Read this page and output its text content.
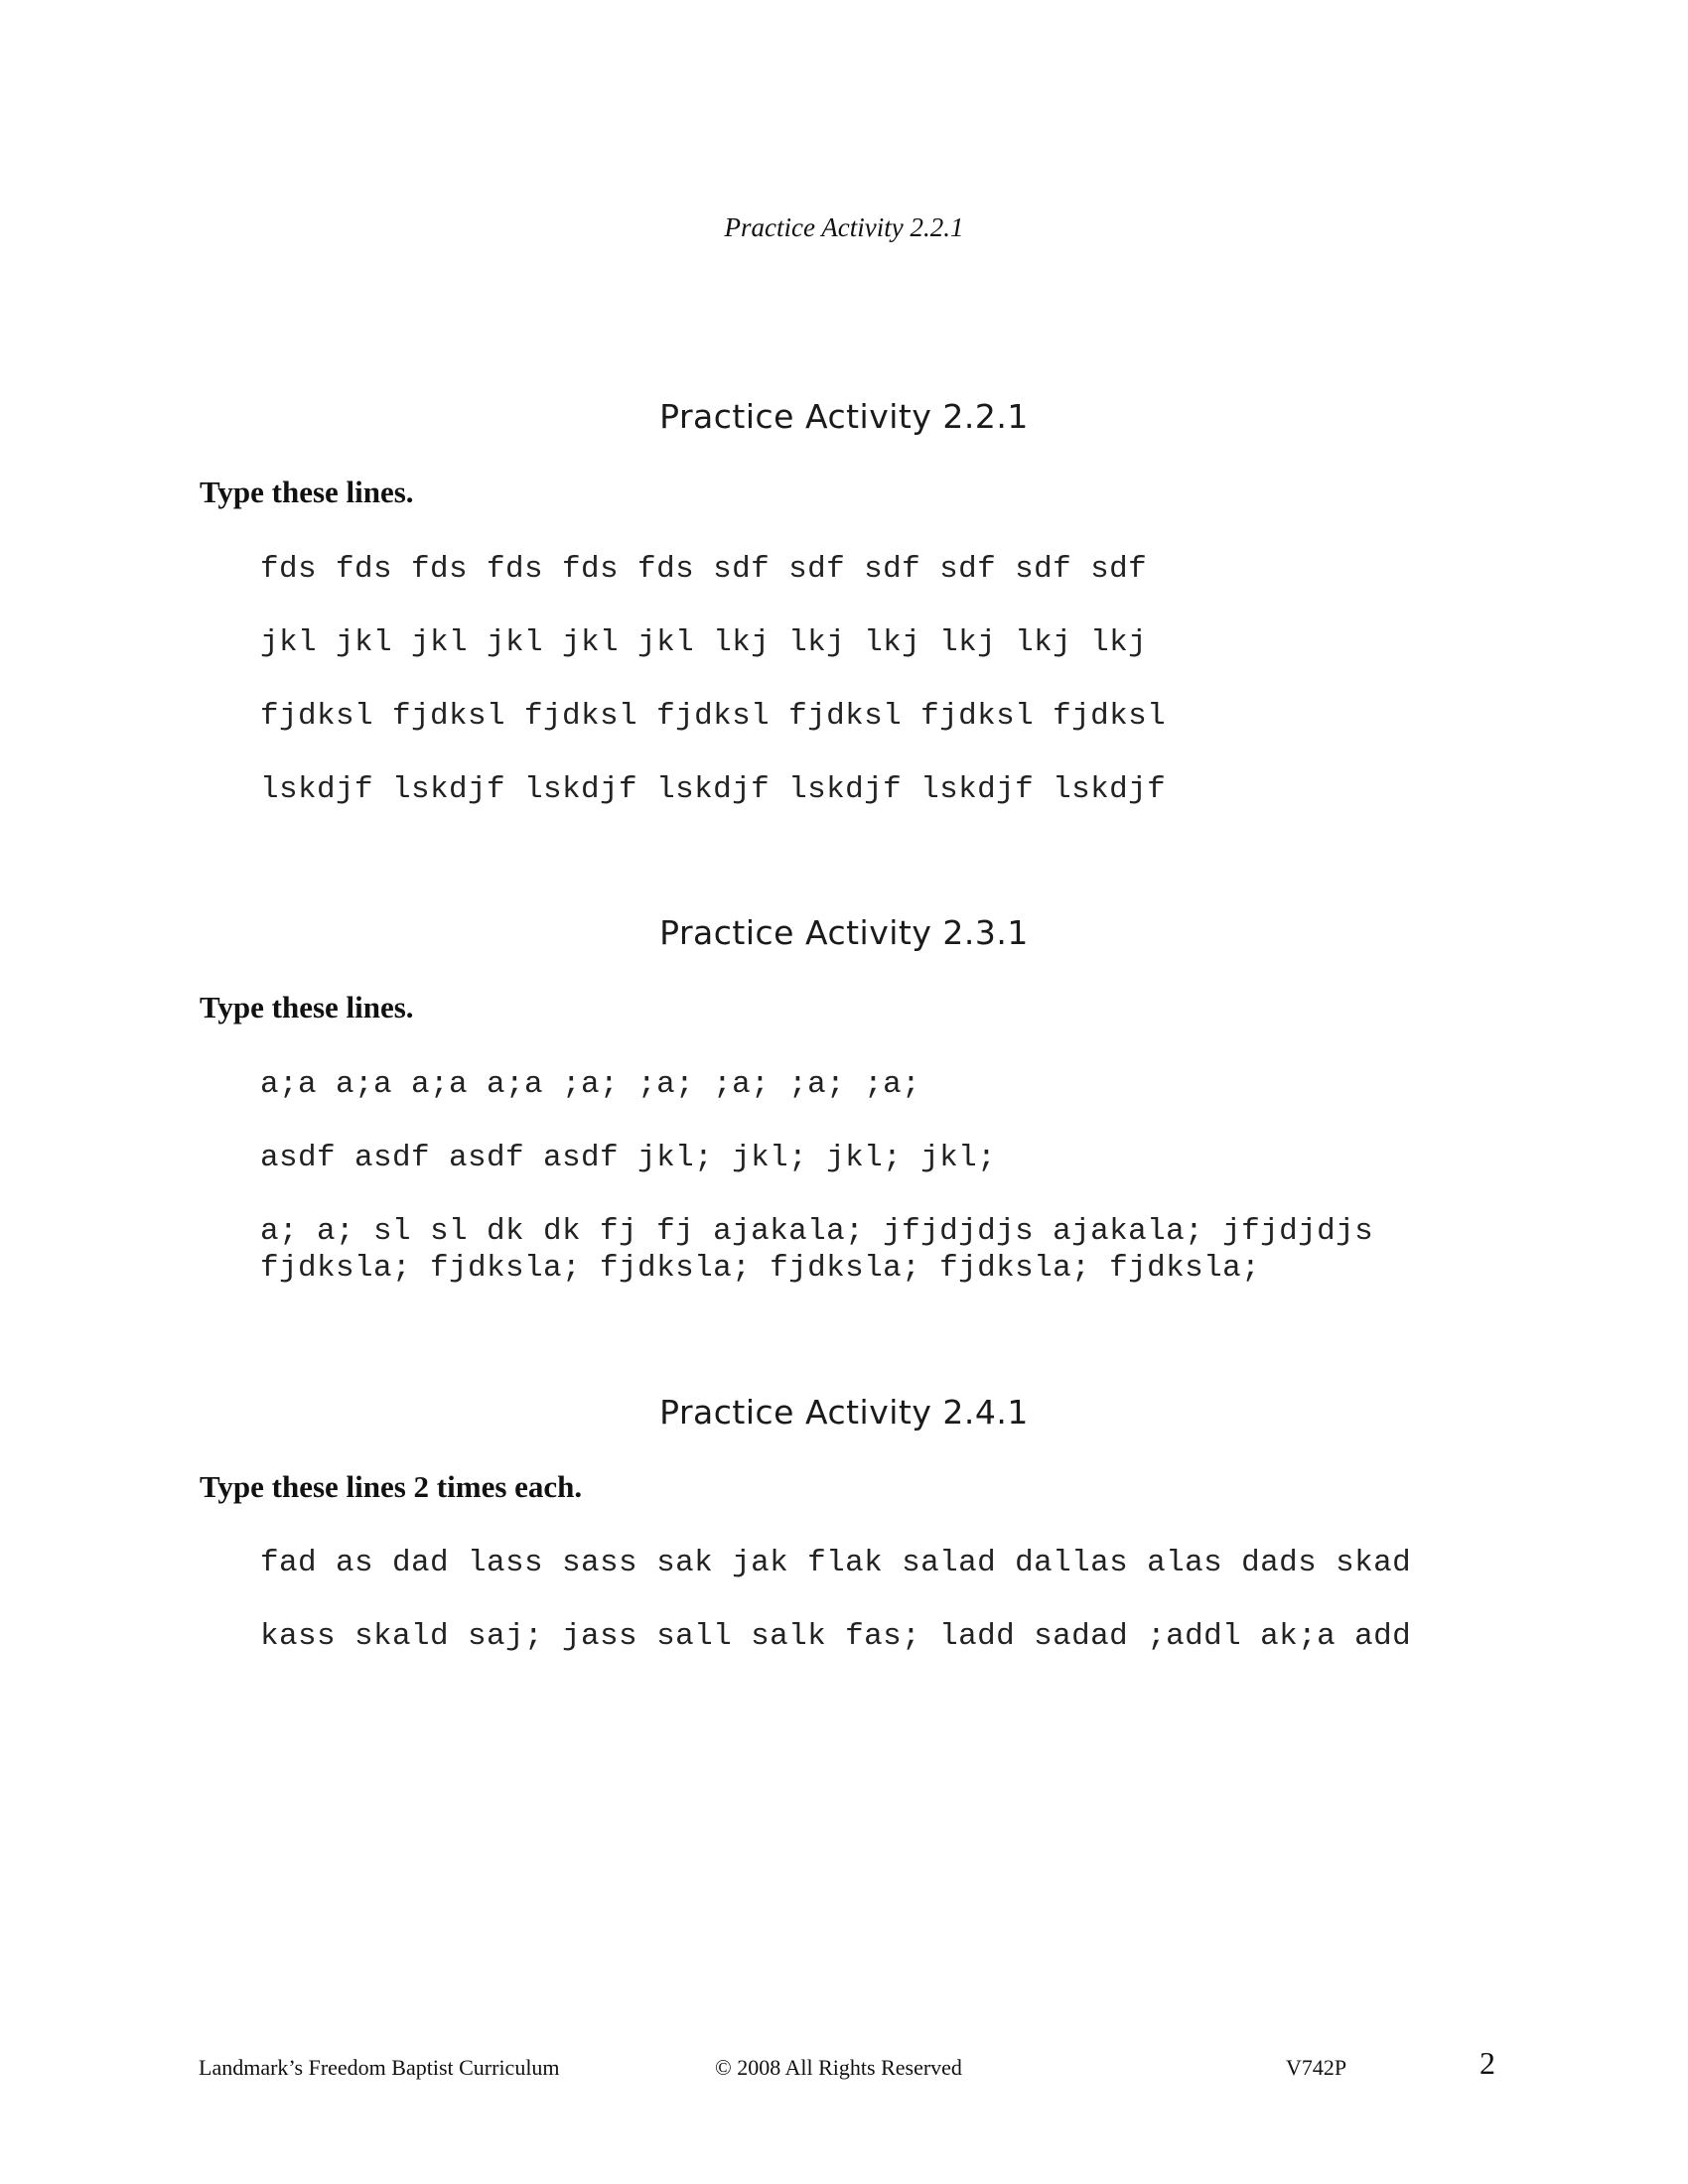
Practice Activity 2.2.1
Practice Activity 2.2.1
Type these lines.
fds fds fds fds fds fds sdf sdf sdf sdf sdf sdf
jkl jkl jkl jkl jkl jkl lkj lkj lkj lkj lkj lkj
fjdksl fjdksl fjdksl fjdksl fjdksl fjdksl fjdksl
lskdjf lskdjf lskdjf lskdjf lskdjf lskdjf lskdjf
Practice Activity 2.3.1
Type these lines.
a;a a;a a;a a;a ;a; ;a; ;a; ;a; ;a;
asdf asdf asdf asdf jkl; jkl; jkl; jkl;
a; a; sl sl dk dk fj fj ajakala; jfjdjdjs ajakala; jfjdjdjs
fjdksla; fjdksla; fjdksla; fjdksla; fjdksla; fjdksla;
Practice Activity 2.4.1
Type these lines 2 times each.
fad as dad lass sass sak jak flak salad dallas alas dads skad
kass skald saj; jass sall salk fas; ladd sadad ;addl ak;a add
Landmark’s Freedom Baptist Curriculum	© 2008 All Rights Reserved	V742P	2
